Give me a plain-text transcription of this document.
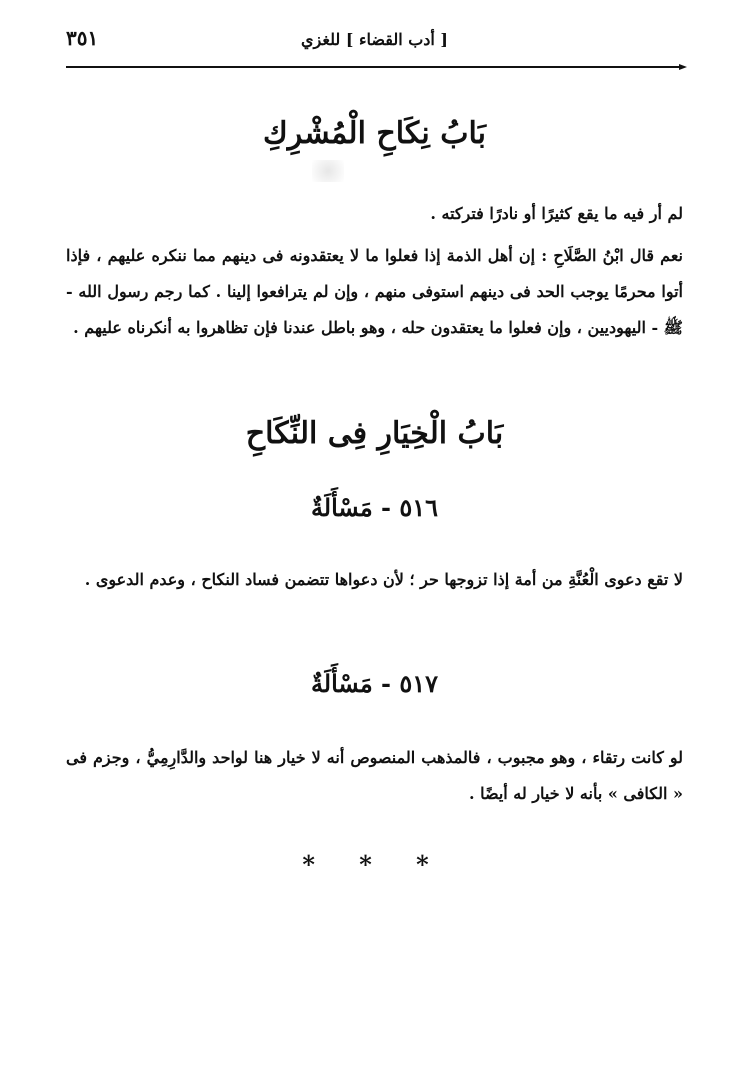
٣٥١	[ أدب القضاء ] للغزي
بَابُ نِكَاحِ الْمُشْرِكِ

لم أر فيه ما يقع كثيرًا أو نادرًا فتركته .

نعم قال ابْنُ الصَّلَاحِ : إن أهل الذمة إذا فعلوا ما لا يعتقدونه فى دينهم مما ننكره عليهم ، فإذا أتوا محرمًا يوجب الحد فى دينهم استوفى منهم ، وإن لم يترافعوا إلينا . كما رجم رسول الله - ﷺ - اليهوديين ، وإن فعلوا ما يعتقدون حله ، وهو باطل عندنا فإن تظاهروا به أنكرناه عليهم .

بَابُ الْخِيَارِ فِى النِّكَاحِ
٥١٦ - مَسْأَلَةٌ

لا تقع دعوى الْعُنَّةِ من أمة إذا تزوجها حر ؛ لأن دعواها تتضمن فساد النكاح ، وعدم الدعوى .

٥١٧ - مَسْأَلَةٌ

لو كانت رتقاء ، وهو مجبوب ، فالمذهب المنصوص أنه لا خيار هنا لواحد والدَّارِمِيُّ ، وجزم فى « الكافى » بأنه لا خيار له أيضًا .

* * *
